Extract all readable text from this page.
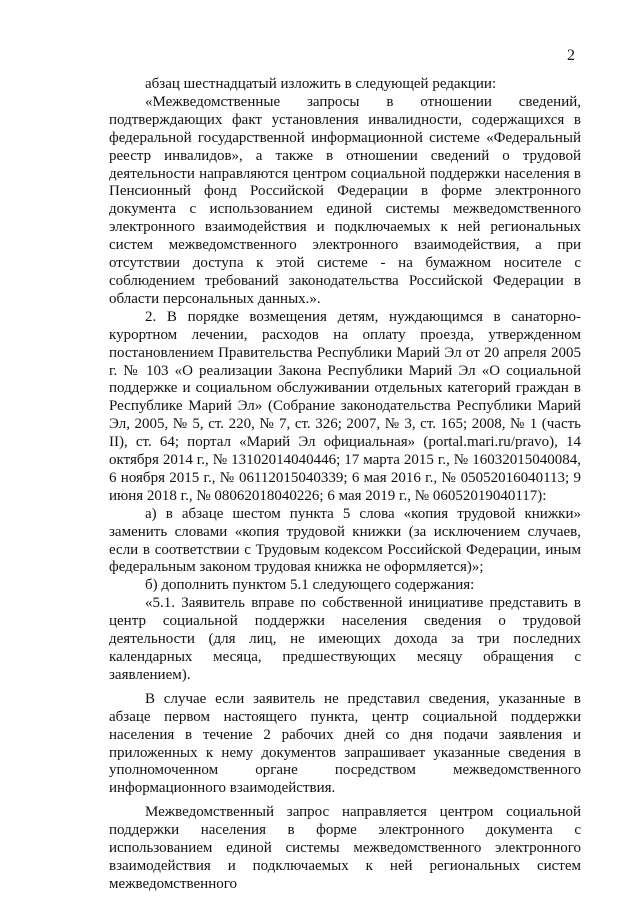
2

абзац шестнадцатый изложить в следующей редакции:

«Межведомственные запросы в отношении сведений, подтверждающих факт установления инвалидности, содержащихся в федеральной государственной информационной системе «Федеральный реестр инвалидов», а также в отношении сведений о трудовой деятельности направляются центром социальной поддержки населения в Пенсионный фонд Российской Федерации в форме электронного документа с использованием единой системы межведомственного электронного взаимодействия и подключаемых к ней региональных систем межведомственного электронного взаимодействия, а при отсутствии доступа к этой системе - на бумажном носителе с соблюдением требований законодательства Российской Федерации в области персональных данных.».

2. В порядке возмещения детям, нуждающимся в санаторно-курортном лечении, расходов на оплату проезда, утвержденном постановлением Правительства Республики Марий Эл от 20 апреля 2005 г. № 103 «О реализации Закона Республики Марий Эл «О социальной поддержке и социальном обслуживании отдельных категорий граждан в Республике Марий Эл» (Собрание законодательства Республики Марий Эл, 2005, № 5, ст. 220, № 7, ст. 326; 2007, № 3, ст. 165; 2008, № 1 (часть II), ст. 64; портал «Марий Эл официальная» (portal.mari.ru/pravo), 14 октября 2014 г., № 13102014040446; 17 марта 2015 г., № 16032015040084, 6 ноября 2015 г., № 06112015040339; 6 мая 2016 г., № 05052016040113; 9 июня 2018 г., № 08062018040226; 6 мая 2019 г., № 06052019040117):

а) в абзаце шестом пункта 5 слова «копия трудовой книжки» заменить словами «копия трудовой книжки (за исключением случаев, если в соответствии с Трудовым кодексом Российской Федерации, иным федеральным законом трудовая книжка не оформляется)»;

б) дополнить пунктом 5.1 следующего содержания:

«5.1. Заявитель вправе по собственной инициативе представить в центр социальной поддержки населения сведения о трудовой деятельности (для лиц, не имеющих дохода за три последних календарных месяца, предшествующих месяцу обращения с заявлением).

В случае если заявитель не представил сведения, указанные в абзаце первом настоящего пункта, центр социальной поддержки населения в течение 2 рабочих дней со дня подачи заявления и приложенных к нему документов запрашивает указанные сведения в уполномоченном органе посредством межведомственного информационного взаимодействия.

Межведомственный запрос направляется центром социальной поддержки населения в форме электронного документа с использованием единой системы межведомственного электронного взаимодействия и подключаемых к ней региональных систем межведомственного
